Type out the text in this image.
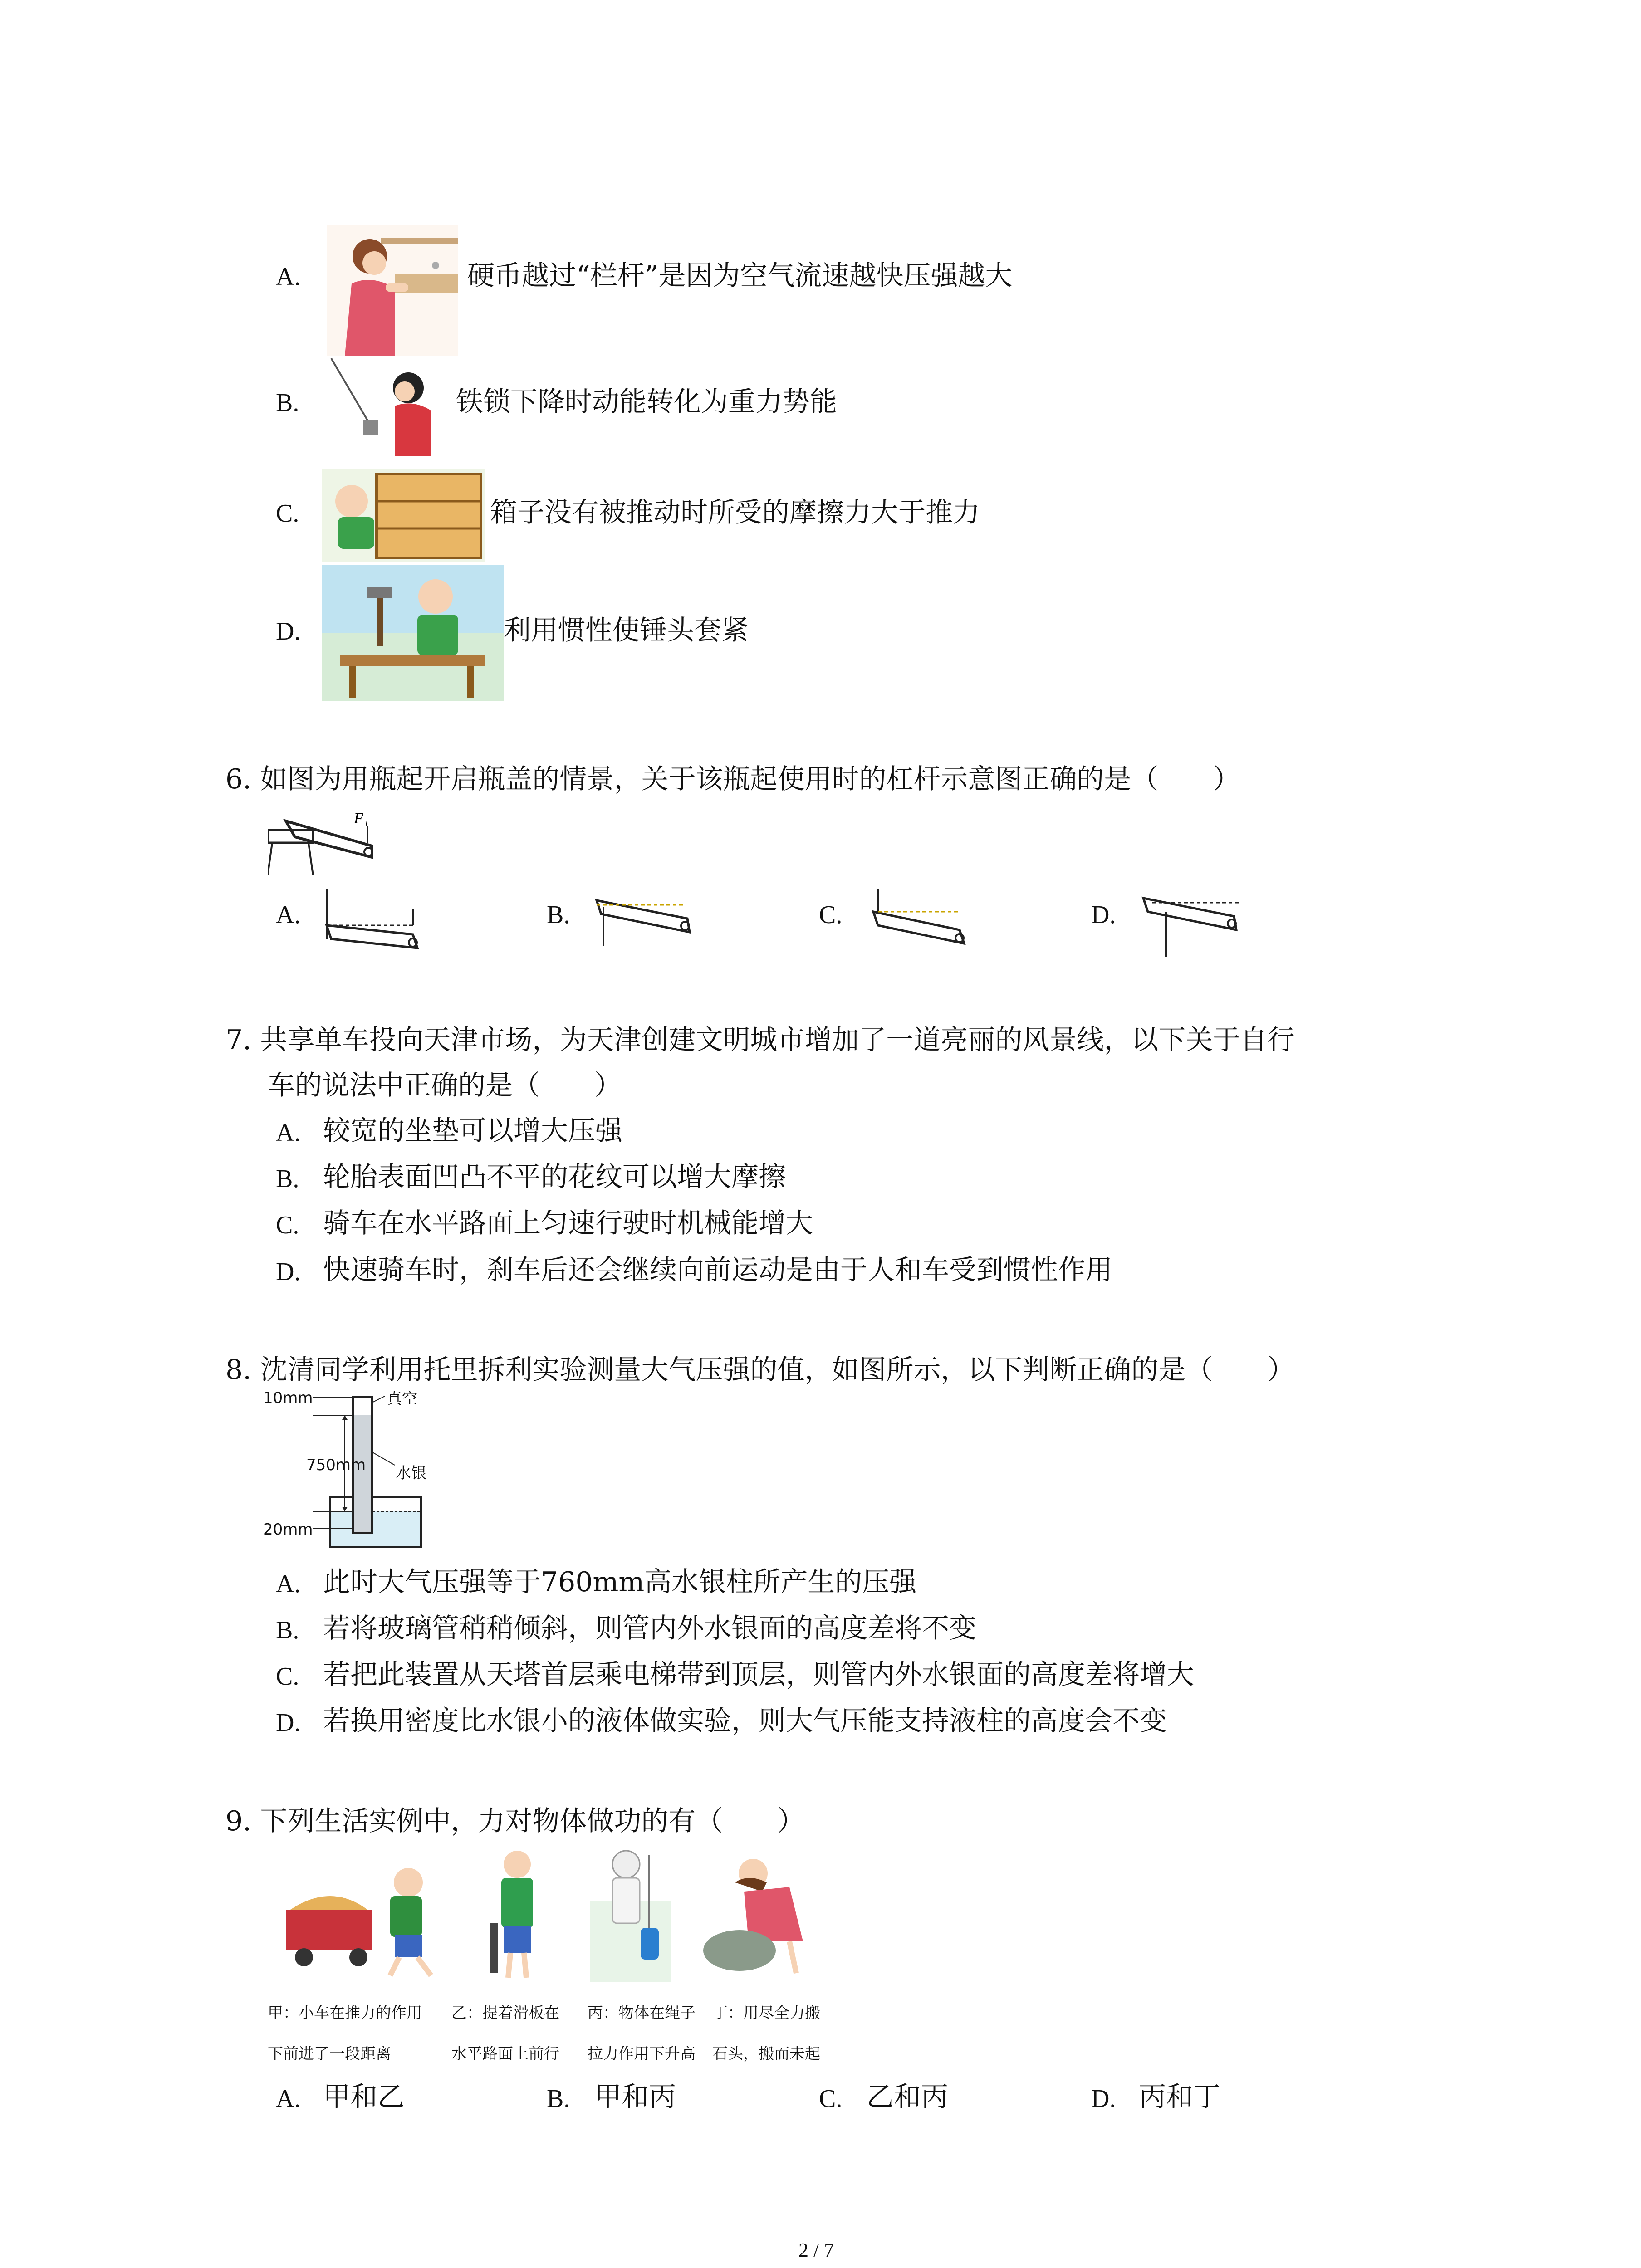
A.	硬币越过“栏杆”是因为空气流速越快压强越大
B.	铁锁下降时动能转化为重力势能
C.	箱子没有被推动时所受的摩擦力大于推力
D.	利用惯性使锤头套紧
6. 如图为用瓶起开启瓶盖的情景，关于该瓶起使用时的杠杆示意图正确的是（　　）
F₁
A.	B.	C.	D.
7. 共享单车投向天津市场，为天津创建文明城市增加了一道亮丽的风景线，以下关于自行
车的说法中正确的是（　　）
A. 较宽的坐垫可以增大压强
B. 轮胎表面凹凸不平的花纹可以增大摩擦
C. 骑车在水平路面上匀速行驶时机械能增大
D. 快速骑车时，刹车后还会继续向前运动是由于人和车受到惯性作用
8. 沈清同学利用托里拆利实验测量大气压强的值，如图所示，以下判断正确的是（　　）
10mm	真空
750mm 水银
20mm
A. 此时大气压强等于760mm高水银柱所产生的压强
B. 若将玻璃管稍稍倾斜，则管内外水银面的高度差将不变
C. 若把此装置从天塔首层乘电梯带到顶层，则管内外水银面的高度差将增大
D. 若换用密度比水银小的液体做实验，则大气压能支持液柱的高度会不变
9. 下列生活实例中，力对物体做功的有（　　）
甲：小车在推力的作用
下前进了一段距离
乙：提着滑板在
水平路面上前行
丙：物体在绳子
拉力作用下升高
丁：用尽全力搬
石头，搬而未起
A. 甲和乙	B. 甲和丙	C. 乙和丙	D. 丙和丁
2 / 7
